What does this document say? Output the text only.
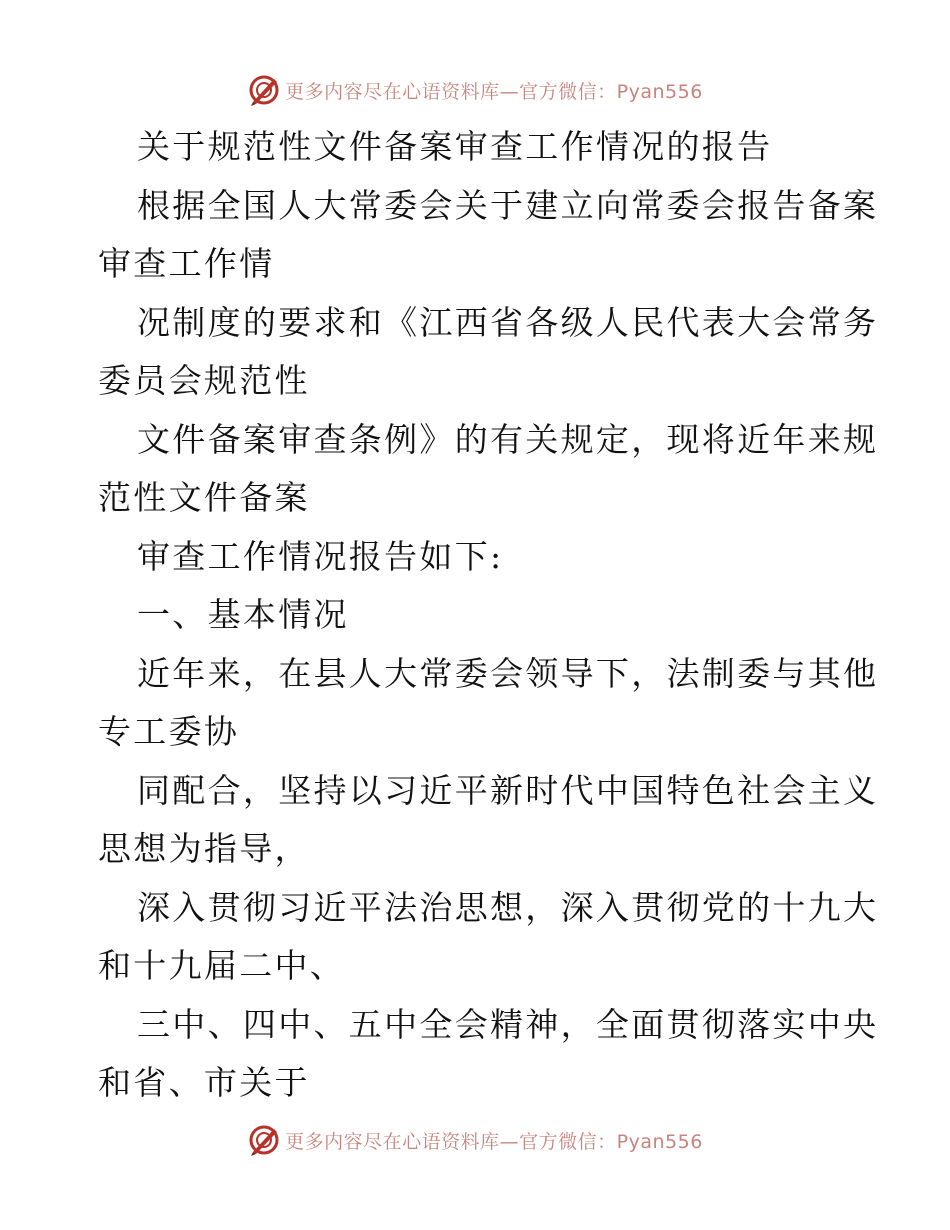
更多内容尽在心语资料库—官方微信：Pyan556
关于规范性文件备案审查工作情况的报告
根据全国人大常委会关于建立向常委会报告备案
审查工作情
况制度的要求和《江西省各级人民代表大会常务
委员会规范性
文件备案审查条例》的有关规定，现将近年来规
范性文件备案
审查工作情况报告如下:
一、基本情况
近年来，在县人大常委会领导下，法制委与其他
专工委协
同配合，坚持以习近平新时代中国特色社会主义
思想为指导，
深入贯彻习近平法治思想，深入贯彻党的十九大
和十九届二中、
三中、四中、五中全会精神，全面贯彻落实中央
和省、市关于
更多内容尽在心语资料库—官方微信：Pyan556
